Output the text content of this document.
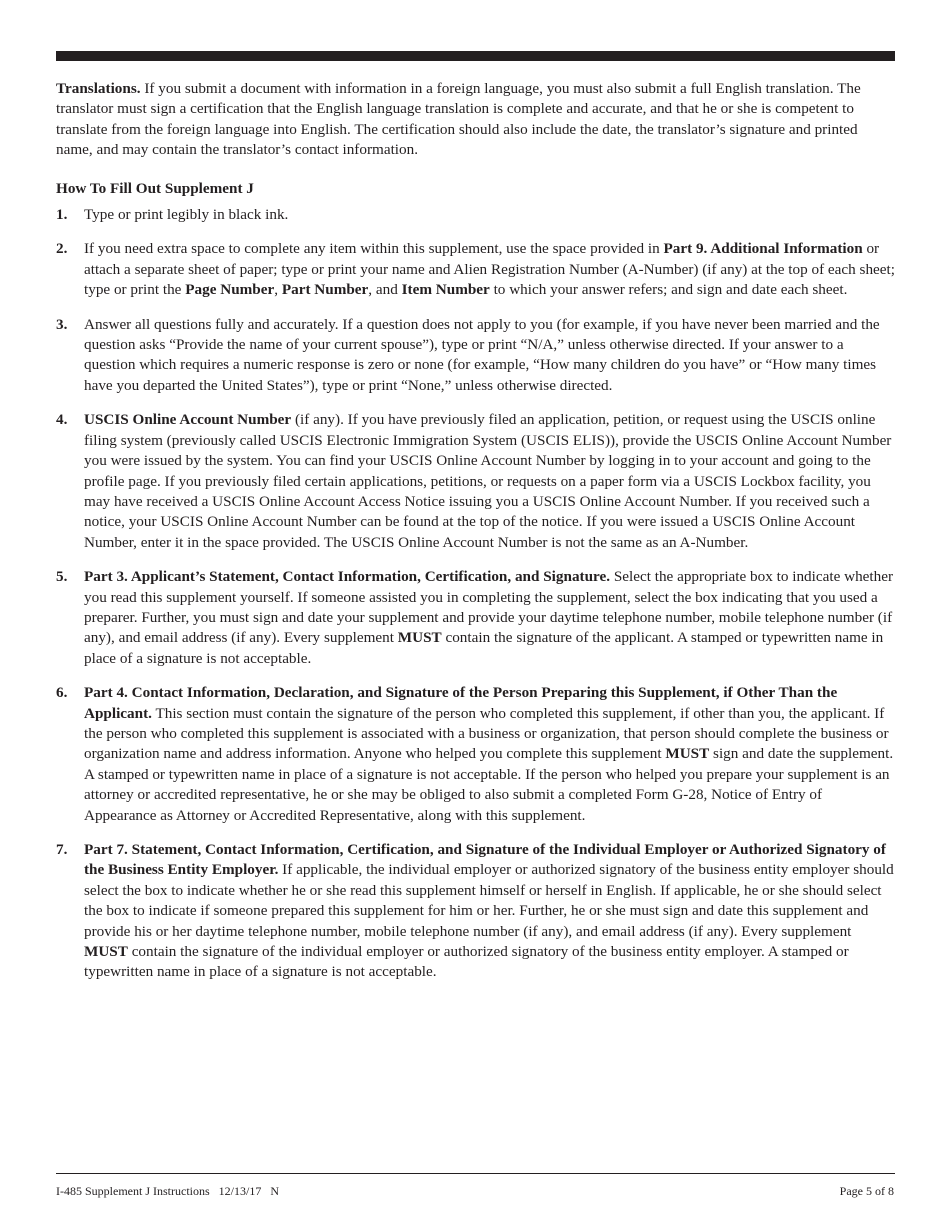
Translations. If you submit a document with information in a foreign language, you must also submit a full English translation. The translator must sign a certification that the English language translation is complete and accurate, and that he or she is competent to translate from the foreign language into English. The certification should also include the date, the translator’s signature and printed name, and may contain the translator’s contact information.

How To Fill Out Supplement J

1. Type or print legibly in black ink.
2. If you need extra space to complete any item within this supplement, use the space provided in Part 9. Additional Information or attach a separate sheet of paper; type or print your name and Alien Registration Number (A-Number) (if any) at the top of each sheet; type or print the Page Number, Part Number, and Item Number to which your answer refers; and sign and date each sheet.
3. Answer all questions fully and accurately. If a question does not apply to you (for example, if you have never been married and the question asks “Provide the name of your current spouse”), type or print “N/A,” unless otherwise directed. If your answer to a question which requires a numeric response is zero or none (for example, “How many children do you have” or “How many times have you departed the United States”), type or print “None,” unless otherwise directed.
4. USCIS Online Account Number (if any). If you have previously filed an application, petition, or request using the USCIS online filing system (previously called USCIS Electronic Immigration System (USCIS ELIS)), provide the USCIS Online Account Number you were issued by the system. You can find your USCIS Online Account Number by logging in to your account and going to the profile page. If you previously filed certain applications, petitions, or requests on a paper form via a USCIS Lockbox facility, you may have received a USCIS Online Account Access Notice issuing you a USCIS Online Account Number. If you received such a notice, your USCIS Online Account Number can be found at the top of the notice. If you were issued a USCIS Online Account Number, enter it in the space provided. The USCIS Online Account Number is not the same as an A-Number.
5. Part 3. Applicant’s Statement, Contact Information, Certification, and Signature. Select the appropriate box to indicate whether you read this supplement yourself. If someone assisted you in completing the supplement, select the box indicating that you used a preparer. Further, you must sign and date your supplement and provide your daytime telephone number, mobile telephone number (if any), and email address (if any). Every supplement MUST contain the signature of the applicant. A stamped or typewritten name in place of a signature is not acceptable.
6. Part 4. Contact Information, Declaration, and Signature of the Person Preparing this Supplement, if Other Than the Applicant. This section must contain the signature of the person who completed this supplement, if other than you, the applicant. If the person who completed this supplement is associated with a business or organization, that person should complete the business or organization name and address information. Anyone who helped you complete this supplement MUST sign and date the supplement. A stamped or typewritten name in place of a signature is not acceptable. If the person who helped you prepare your supplement is an attorney or accredited representative, he or she may be obliged to also submit a completed Form G-28, Notice of Entry of Appearance as Attorney or Accredited Representative, along with this supplement.
7. Part 7. Statement, Contact Information, Certification, and Signature of the Individual Employer or Authorized Signatory of the Business Entity Employer. If applicable, the individual employer or authorized signatory of the business entity employer should select the box to indicate whether he or she read this supplement himself or herself in English. If applicable, he or she should select the box to indicate if someone prepared this supplement for him or her. Further, he or she must sign and date this supplement and provide his or her daytime telephone number, mobile telephone number (if any), and email address (if any). Every supplement MUST contain the signature of the individual employer or authorized signatory of the business entity employer. A stamped or typewritten name in place of a signature is not acceptable.
I-485 Supplement J Instructions   12/13/17   N	Page 5 of 8
